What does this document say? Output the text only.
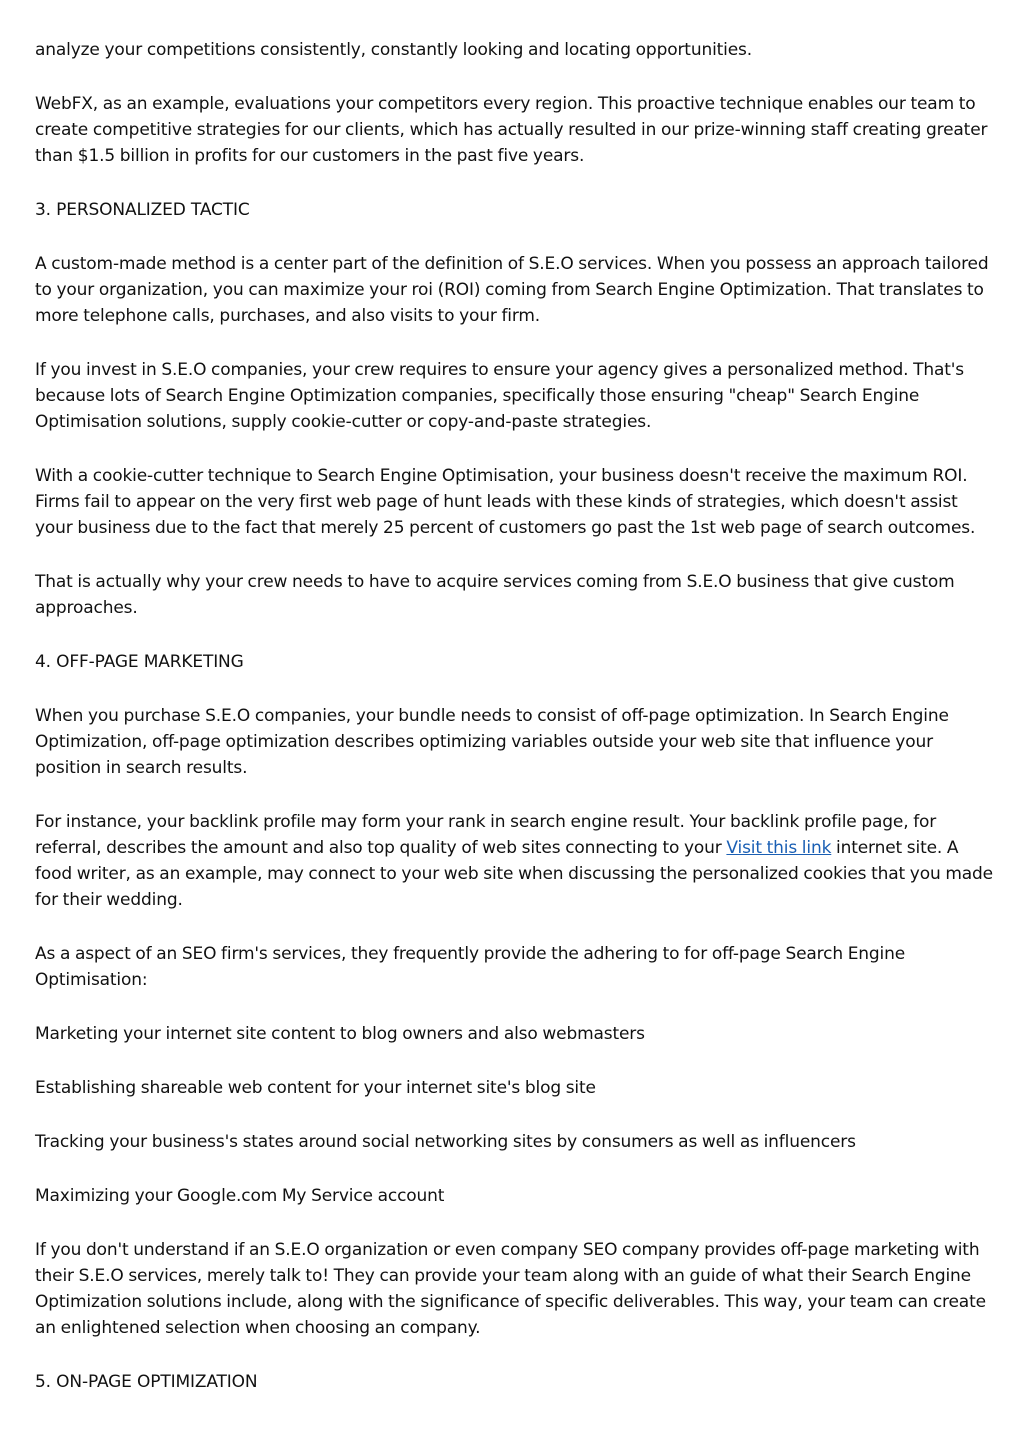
analyze your competitions consistently, constantly looking and locating opportunities.

WebFX, as an example, evaluations your competitors every region. This proactive technique enables our team to create competitive strategies for our clients, which has actually resulted in our prize-winning staff creating greater than $1.5 billion in profits for our customers in the past five years.

3. PERSONALIZED TACTIC

A custom-made method is a center part of the definition of S.E.O services. When you possess an approach tailored to your organization, you can maximize your roi (ROI) coming from Search Engine Optimization. That translates to more telephone calls, purchases, and also visits to your firm.

If you invest in S.E.O companies, your crew requires to ensure your agency gives a personalized method. That's because lots of Search Engine Optimization companies, specifically those ensuring "cheap" Search Engine Optimisation solutions, supply cookie-cutter or copy-and-paste strategies.

With a cookie-cutter technique to Search Engine Optimisation, your business doesn't receive the maximum ROI. Firms fail to appear on the very first web page of hunt leads with these kinds of strategies, which doesn't assist your business due to the fact that merely 25 percent of customers go past the 1st web page of search outcomes.

That is actually why your crew needs to have to acquire services coming from S.E.O business that give custom approaches.

4. OFF-PAGE MARKETING

When you purchase S.E.O companies, your bundle needs to consist of off-page optimization. In Search Engine Optimization, off-page optimization describes optimizing variables outside your web site that influence your position in search results.

For instance, your backlink profile may form your rank in search engine result. Your backlink profile page, for referral, describes the amount and also top quality of web sites connecting to your Visit this link internet site. A food writer, as an example, may connect to your web site when discussing the personalized cookies that you made for their wedding.

As a aspect of an SEO firm's services, they frequently provide the adhering to for off-page Search Engine Optimisation:

Marketing your internet site content to blog owners and also webmasters

Establishing shareable web content for your internet site's blog site

Tracking your business's states around social networking sites by consumers as well as influencers

Maximizing your Google.com My Service account

If you don't understand if an S.E.O organization or even company SEO company provides off-page marketing with their S.E.O services, merely talk to! They can provide your team along with an guide of what their Search Engine Optimization solutions include, along with the significance of specific deliverables. This way, your team can create an enlightened selection when choosing an company.

5. ON-PAGE OPTIMIZATION
